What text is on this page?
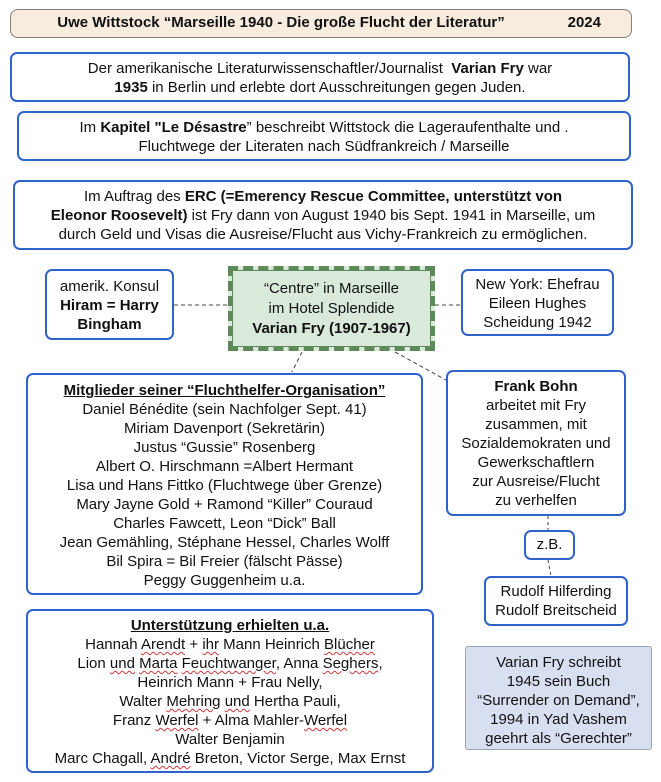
Uwe Wittstock “Marseille 1940 - Die große Flucht der Literatur”	2024
Der amerikanische Literaturwissenschaftler/Journalist Varian Fry war
1935 in Berlin und erlebte dort Ausschreitungen gegen Juden.
Im Kapitel "Le Désastre” beschreibt Wittstock die Lageraufenthalte und .
Fluchtwege der Literaten nach Südfrankreich / Marseille
Im Auftrag des ERC (=Emerency Rescue Committee, unterstützt von
Eleonor Roosevelt) ist Fry dann von August 1940 bis Sept. 1941 in Marseille, um
durch Geld und Visas die Ausreise/Flucht aus Vichy-Frankreich zu ermöglichen.
amerik. Konsul
Hiram = Harry
Bingham
“Centre” in Marseille
im Hotel Splendide
Varian Fry (1907-1967)
New York: Ehefrau
Eileen Hughes
Scheidung 1942
Mitglieder seiner “Fluchthelfer-Organisation”
Daniel Bénédite (sein Nachfolger Sept. 41)
Miriam Davenport (Sekretärin)
Justus “Gussie” Rosenberg
Albert O. Hirschmann =Albert Hermant
Lisa und Hans Fittko (Fluchtwege über Grenze)
Mary Jayne Gold + Ramond “Killer” Couraud
Charles Fawcett, Leon “Dick” Ball
Jean Gemähling, Stéphane Hessel, Charles Wolff
Bil Spira = Bil Freier (fälscht Pässe)
Peggy Guggenheim u.a.
Frank Bohn
arbeitet mit Fry
zusammen, mit
Sozialdemokraten und
Gewerkschaftlern
zur Ausreise/Flucht
zu verhelfen
z.B.
Rudolf Hilferding
Rudolf Breitscheid
Unterstützung erhielten u.a.
Hannah Arendt + ihr Mann Heinrich Blücher
Lion und Marta Feuchtwanger, Anna Seghers,
Heinrich Mann + Frau Nelly,
Walter Mehring und Hertha Pauli,
Franz Werfel + Alma Mahler-Werfel
Walter Benjamin
Marc Chagall, André Breton, Victor Serge, Max Ernst
Varian Fry schreibt
1945 sein Buch
“Surrender on Demand”,
1994 in Yad Vashem
geehrt als “Gerechter”
